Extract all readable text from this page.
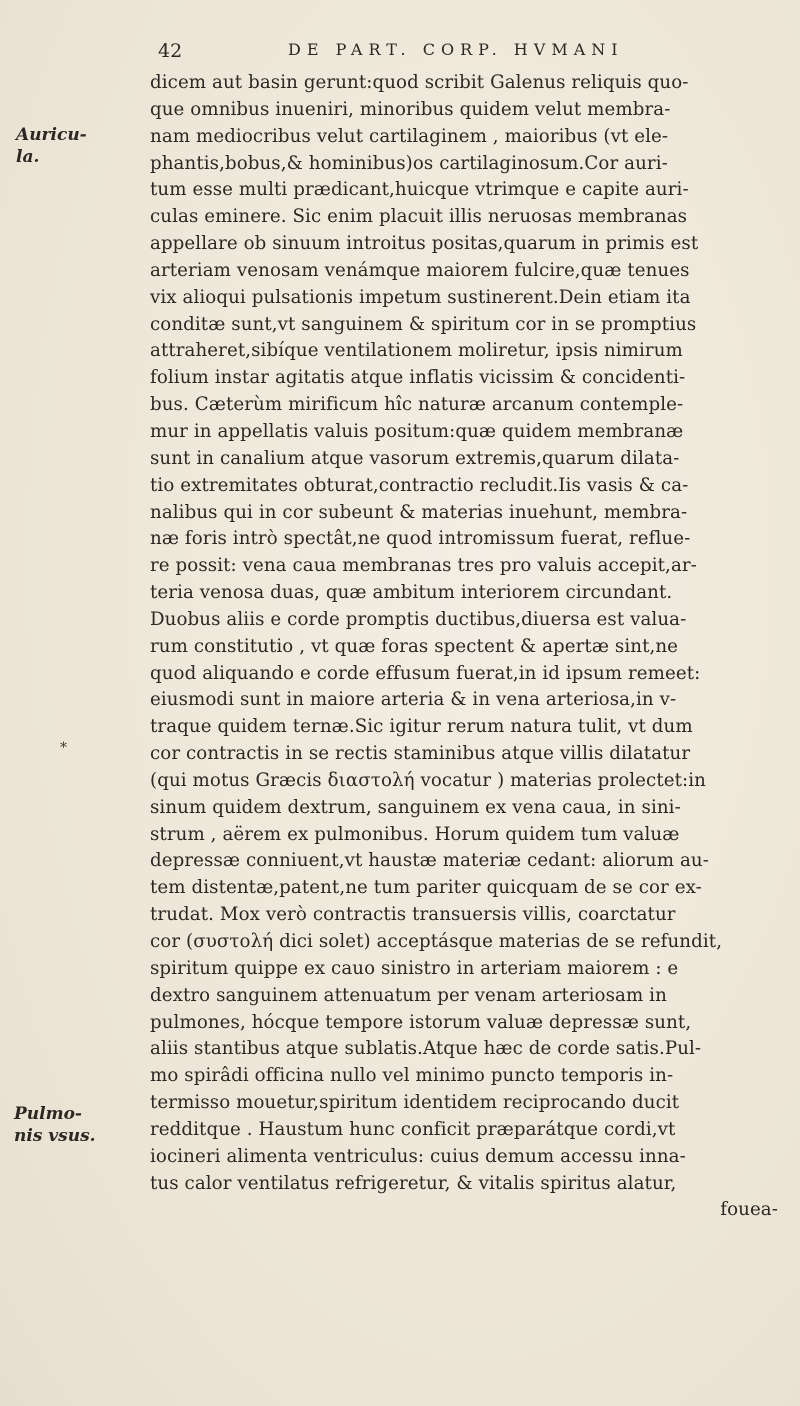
42	DE PART. CORP. HVMANI
Auricu-
la.
*
Pulmo-
nis vsus.
dicem aut basin gerunt:quod scribit Galenus reliquis quo-
que omnibus inueniri, minoribus quidem velut membra-
nam mediocribus velut cartilaginem , maioribus (vt ele-
phantis,bobus,& hominibus)os cartilaginosum.Cor auri-
tum esse multi prædicant,huicque vtrimque e capite auri-
culas eminere. Sic enim placuit illis neruosas membranas
appellare ob sinuum introitus positas,quarum in primis est
arteriam venosam venámque maiorem fulcire,quæ tenues
vix alioqui pulsationis impetum sustinerent.Dein etiam ita
conditæ sunt,vt sanguinem & spiritum cor in se promptius
attraheret,sibíque ventilationem moliretur, ipsis nimirum
folium instar agitatis atque inflatis vicissim & concidenti-
bus. Cæterùm mirificum hîc naturæ arcanum contemple-
mur in appellatis valuis positum:quæ quidem membranæ
sunt in canalium atque vasorum extremis,quarum dilata-
tio extremitates obturat,contractio recludit.Iis vasis & ca-
nalibus qui in cor subeunt & materias inuehunt, membra-
næ foris intrò spectât,ne quod intromissum fuerat, reflue-
re possit: vena caua membranas tres pro valuis accepit,ar-
teria venosa duas, quæ ambitum interiorem circundant.
Duobus aliis e corde promptis ductibus,diuersa est valua-
rum constitutio , vt quæ foras spectent & apertæ sint,ne
quod aliquando e corde effusum fuerat,in id ipsum remeet:
eiusmodi sunt in maiore arteria & in vena arteriosa,in v-
traque quidem ternæ.Sic igitur rerum natura tulit, vt dum
cor contractis in se rectis staminibus atque villis dilatatur
(qui motus Græcis διαστολή vocatur ) materias prolectet:in
sinum quidem dextrum, sanguinem ex vena caua, in sini-
strum , aërem ex pulmonibus. Horum quidem tum valuæ
depressæ conniuent,vt haustæ materiæ cedant: aliorum au-
tem distentæ,patent,ne tum pariter quicquam de se cor ex-
trudat. Mox verò contractis transuersis villis, coarctatur
cor (συστολή dici solet) acceptásque materias de se refundit,
spiritum quippe ex cauo sinistro in arteriam maiorem : e
dextro sanguinem attenuatum per venam arteriosam in
pulmones, hócque tempore istorum valuæ depressæ sunt,
aliis stantibus atque sublatis.Atque hæc de corde satis.Pul-
mo spirâdi officina nullo vel minimo puncto temporis in-
termisso mouetur,spiritum identidem reciprocando ducit
redditque . Haustum hunc conficit præparátque cordi,vt
iocineri alimenta ventriculus: cuius demum accessu inna-
tus calor ventilatus refrigeretur, & vitalis spiritus alatur,
fouea-
